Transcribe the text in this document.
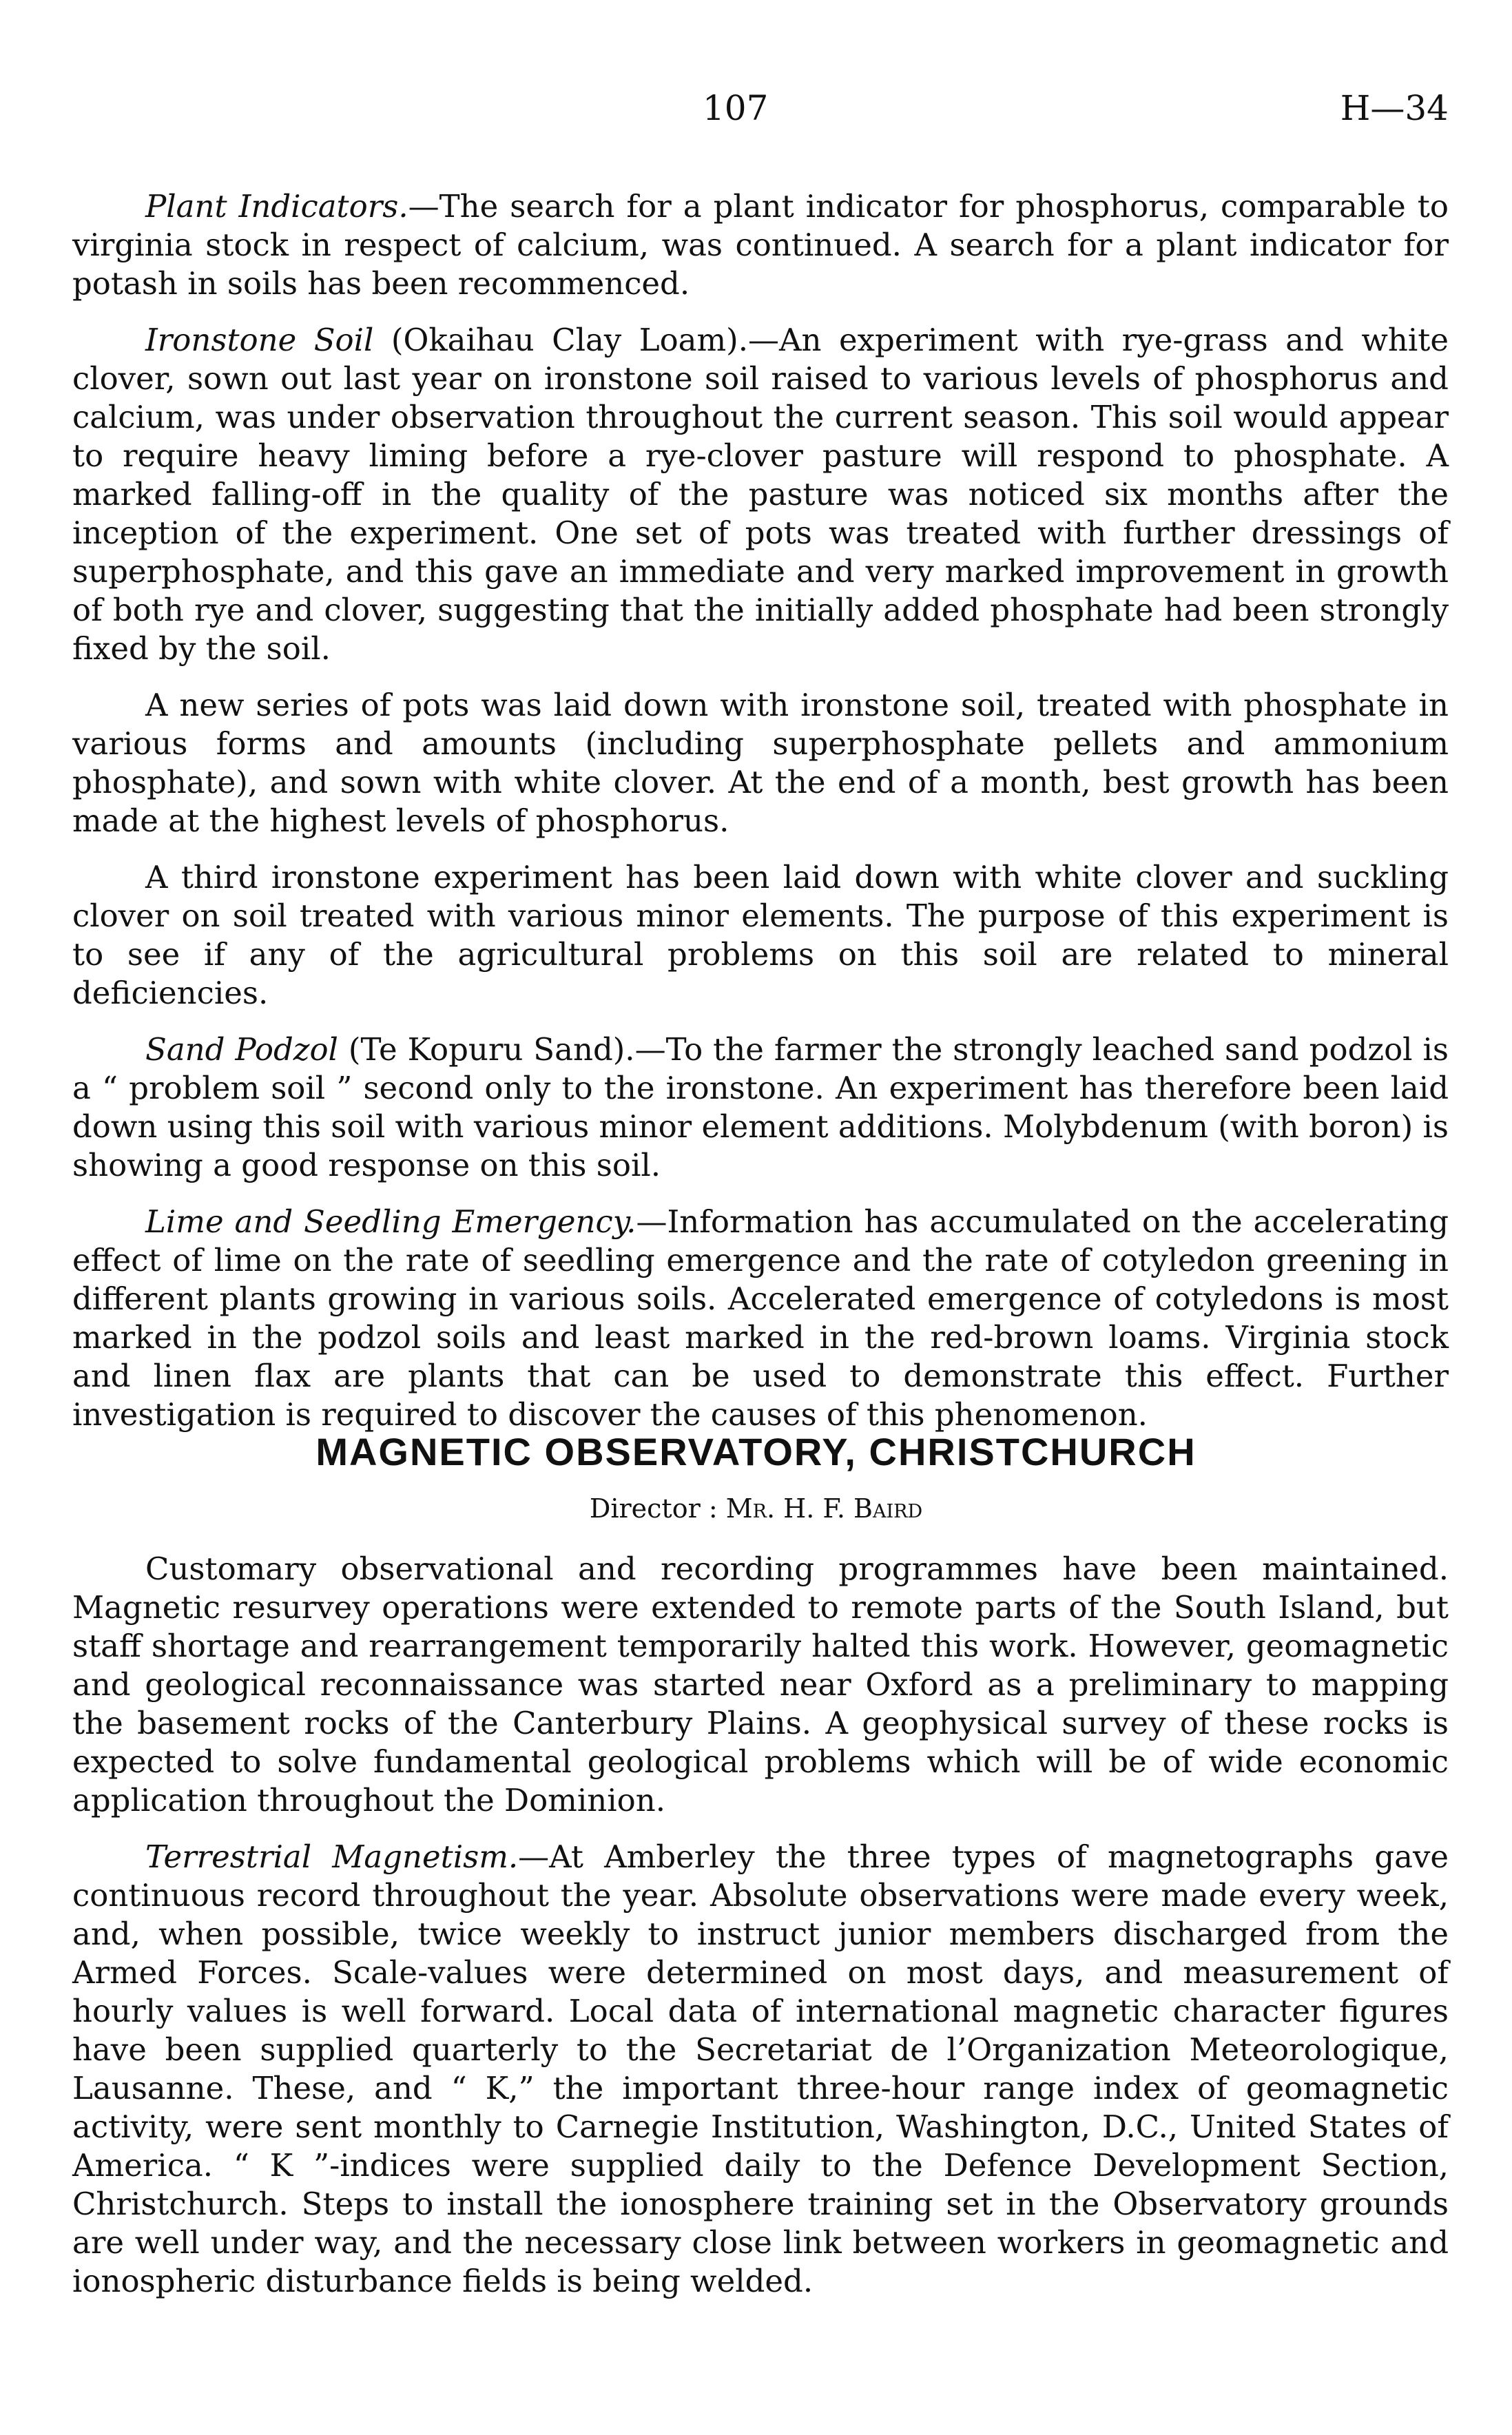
107	H—34

Plant Indicators.—The search for a plant indicator for phosphorus, comparable to virginia stock in respect of calcium, was continued. A search for a plant indicator for potash in soils has been recommenced.

Ironstone Soil (Okaihau Clay Loam).—An experiment with rye-grass and white clover, sown out last year on ironstone soil raised to various levels of phosphorus and calcium, was under observation throughout the current season. This soil would appear to require heavy liming before a rye-clover pasture will respond to phosphate. A marked falling-off in the quality of the pasture was noticed six months after the inception of the experiment. One set of pots was treated with further dressings of superphosphate, and this gave an immediate and very marked improvement in growth of both rye and clover, suggesting that the initially added phosphate had been strongly fixed by the soil.

A new series of pots was laid down with ironstone soil, treated with phosphate in various forms and amounts (including superphosphate pellets and ammonium phosphate), and sown with white clover. At the end of a month, best growth has been made at the highest levels of phosphorus.

A third ironstone experiment has been laid down with white clover and suckling clover on soil treated with various minor elements. The purpose of this experiment is to see if any of the agricultural problems on this soil are related to mineral deficiencies.

Sand Podzol (Te Kopuru Sand).—To the farmer the strongly leached sand podzol is a “ problem soil ” second only to the ironstone. An experiment has therefore been laid down using this soil with various minor element additions. Molybdenum (with boron) is showing a good response on this soil.

Lime and Seedling Emergency.—Information has accumulated on the accelerating effect of lime on the rate of seedling emergence and the rate of cotyledon greening in different plants growing in various soils. Accelerated emergence of cotyledons is most marked in the podzol soils and least marked in the red-brown loams. Virginia stock and linen flax are plants that can be used to demonstrate this effect. Further investigation is required to discover the causes of this phenomenon.

MAGNETIC OBSERVATORY, CHRISTCHURCH
Director : Mr. H. F. Baird

Customary observational and recording programmes have been maintained. Magnetic resurvey operations were extended to remote parts of the South Island, but staff shortage and rearrangement temporarily halted this work. However, geomagnetic and geological reconnaissance was started near Oxford as a preliminary to mapping the basement rocks of the Canterbury Plains. A geophysical survey of these rocks is expected to solve fundamental geological problems which will be of wide economic application throughout the Dominion.

Terrestrial Magnetism.—At Amberley the three types of magnetographs gave continuous record throughout the year. Absolute observations were made every week, and, when possible, twice weekly to instruct junior members discharged from the Armed Forces. Scale-values were determined on most days, and measurement of hourly values is well forward. Local data of international magnetic character figures have been supplied quarterly to the Secretariat de l’Organization Meteorologique, Lausanne. These, and “ K,” the important three-hour range index of geomagnetic activity, were sent monthly to Carnegie Institution, Washington, D.C., United States of America. “ K ”-indices were supplied daily to the Defence Development Section, Christchurch. Steps to install the ionosphere training set in the Observatory grounds are well under way, and the necessary close link between workers in geomagnetic and ionospheric disturbance fields is being welded.
